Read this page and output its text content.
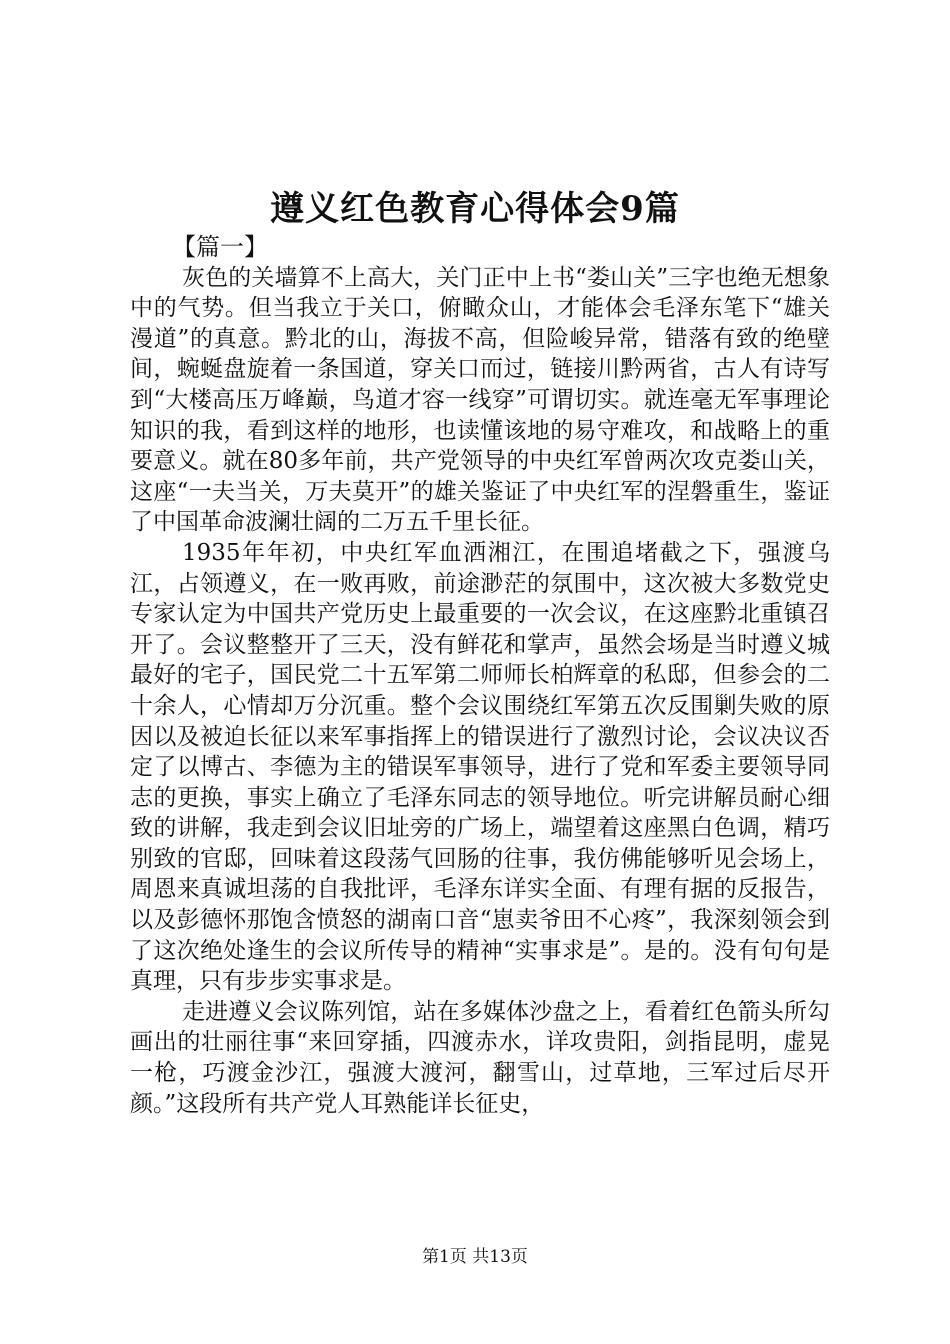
遵义红色教育心得体会9篇

【篇一】

灰色的关墙算不上高大，关门正中上书“娄山关”三字也绝无想象中的气势。但当我立于关口，俯瞰众山，才能体会毛泽东笔下“雄关漫道”的真意。黔北的山，海拔不高，但险峻异常，错落有致的绝壁间，蜿蜒盘旋着一条国道，穿关口而过，链接川黔两省，古人有诗写到“大楼高压万峰巅，鸟道才容一线穿”可谓切实。就连毫无军事理论知识的我，看到这样的地形，也读懂该地的易守难攻，和战略上的重要意义。就在80多年前，共产党领导的中央红军曾两次攻克娄山关，这座“一夫当关，万夫莫开”的雄关鉴证了中央红军的涅磐重生，鉴证了中国革命波澜壮阔的二万五千里长征。

1935年年初，中央红军血洒湘江，在围追堵截之下，强渡乌江，占领遵义，在一败再败，前途渺茫的氛围中，这次被大多数党史专家认定为中国共产党历史上最重要的一次会议，在这座黔北重镇召开了。会议整整开了三天，没有鲜花和掌声，虽然会场是当时遵义城最好的宅子，国民党二十五军第二师师长柏辉章的私邸，但参会的二十余人，心情却万分沉重。整个会议围绕红军第五次反围剿失败的原因以及被迫长征以来军事指挥上的错误进行了激烈讨论，会议决议否定了以博古、李德为主的错误军事领导，进行了党和军委主要领导同志的更换，事实上确立了毛泽东同志的领导地位。听完讲解员耐心细致的讲解，我走到会议旧址旁的广场上，端望着这座黑白色调，精巧别致的官邸，回味着这段荡气回肠的往事，我仿佛能够听见会场上，周恩来真诚坦荡的自我批评，毛泽东详实全面、有理有据的反报告，以及彭德怀那饱含愤怒的湖南口音“崽卖爷田不心疼”，我深刻领会到了这次绝处逢生的会议所传导的精神“实事求是”。是的。没有句句是真理，只有步步实事求是。

走进遵义会议陈列馆，站在多媒体沙盘之上，看着红色箭头所勾画出的壮丽往事“来回穿插，四渡赤水，详攻贵阳，剑指昆明，虚晃一枪，巧渡金沙江，强渡大渡河，翻雪山，过草地，三军过后尽开颜。”这段所有共产党人耳熟能详长征史，

第1页 共13页
